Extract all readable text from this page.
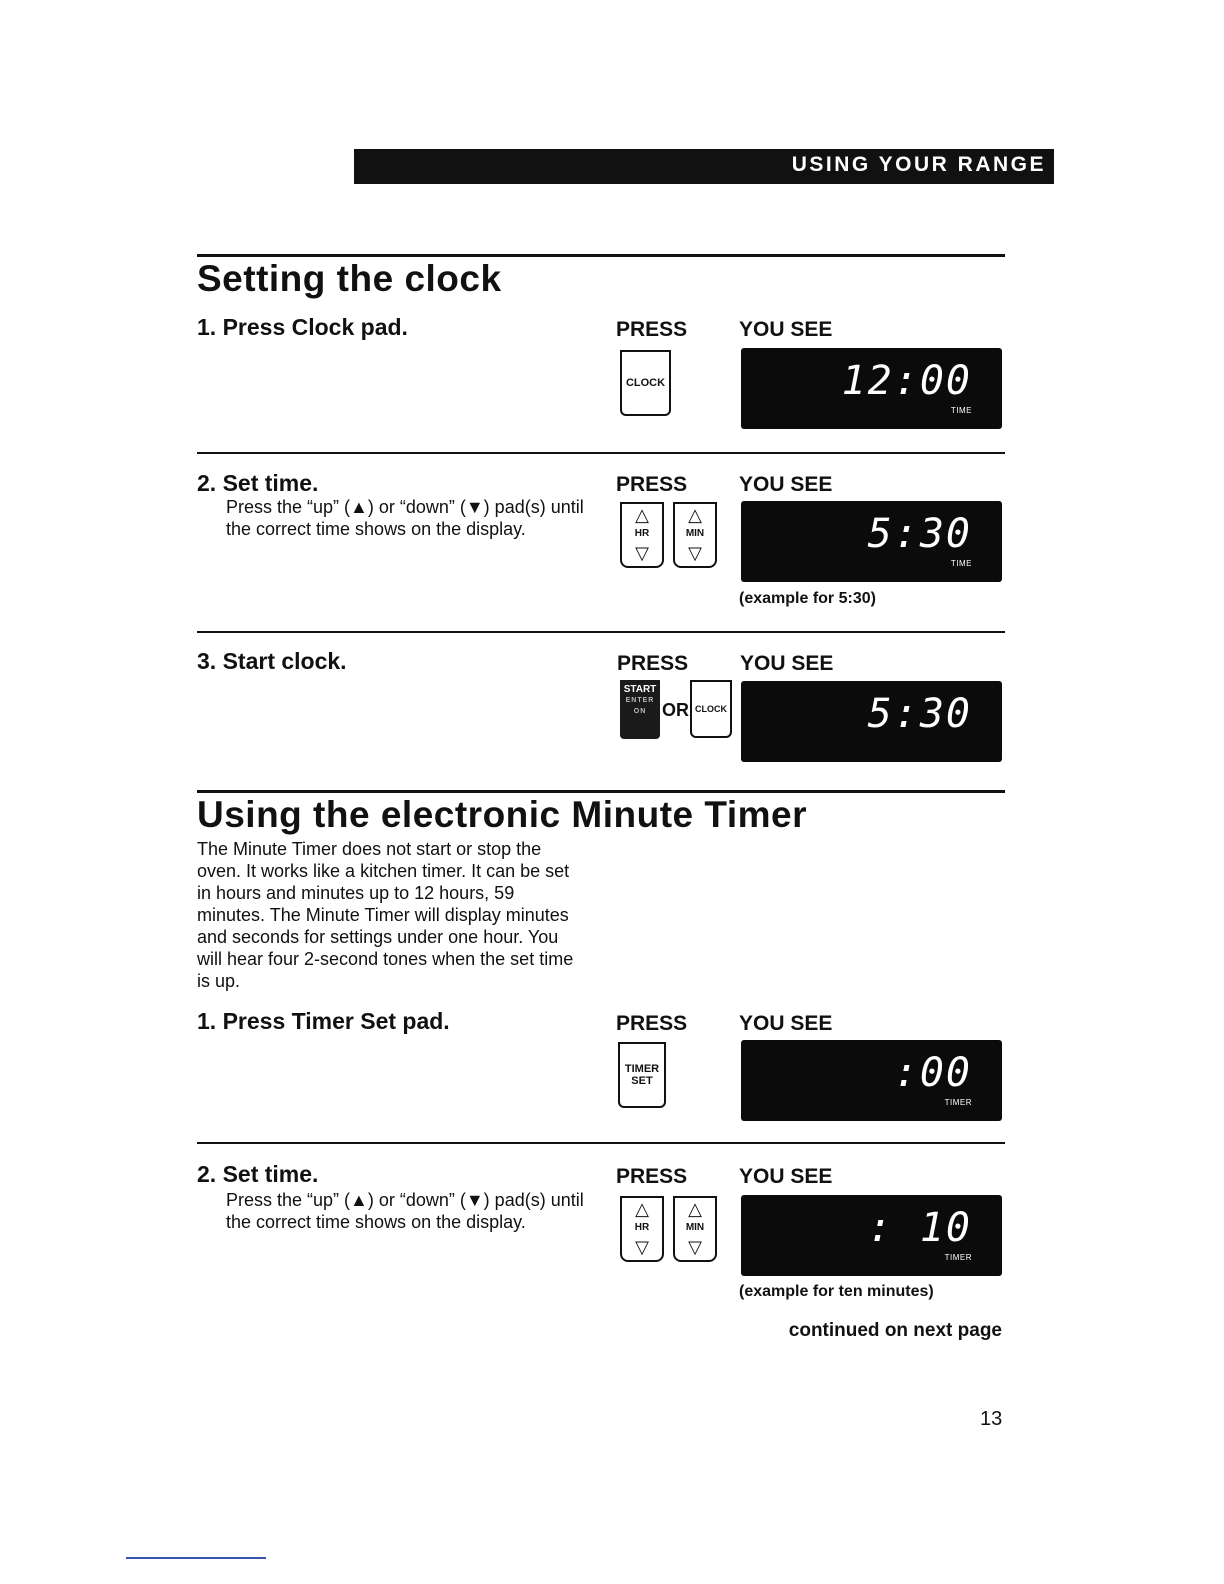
USING YOUR RANGE
Setting the clock
1. Press Clock pad.	PRESS YOU SEE
CLOCK	12:00
TIME
2. Set time.
Press the “up” (▲) or “down” (▼) pad(s) until the correct time shows on the display.
PRESS YOU SEE
△
HR
▽
△
MIN
▽	5:30
TIME
(example for 5:30)
3. Start clock.	PRESS YOU SEE
START
ENTER
ON OR CLOCK	5:30
Using the electronic Minute Timer
The Minute Timer does not start or stop the oven. It works like a kitchen timer. It can be set in hours and minutes up to 12 hours, 59 minutes. The Minute Timer will display minutes and seconds for settings under one hour. You will hear four 2-second tones when the set time is up.
1. Press Timer Set pad.	PRESS YOU SEE
TIMER
SET	:00
TIMER
2. Set time.
Press the “up” (▲) or “down” (▼) pad(s) until the correct time shows on the display.
PRESS YOU SEE
△
HR
▽
△
MIN
▽	: 10
TIMER
(example for ten minutes)
continued on next page
13
